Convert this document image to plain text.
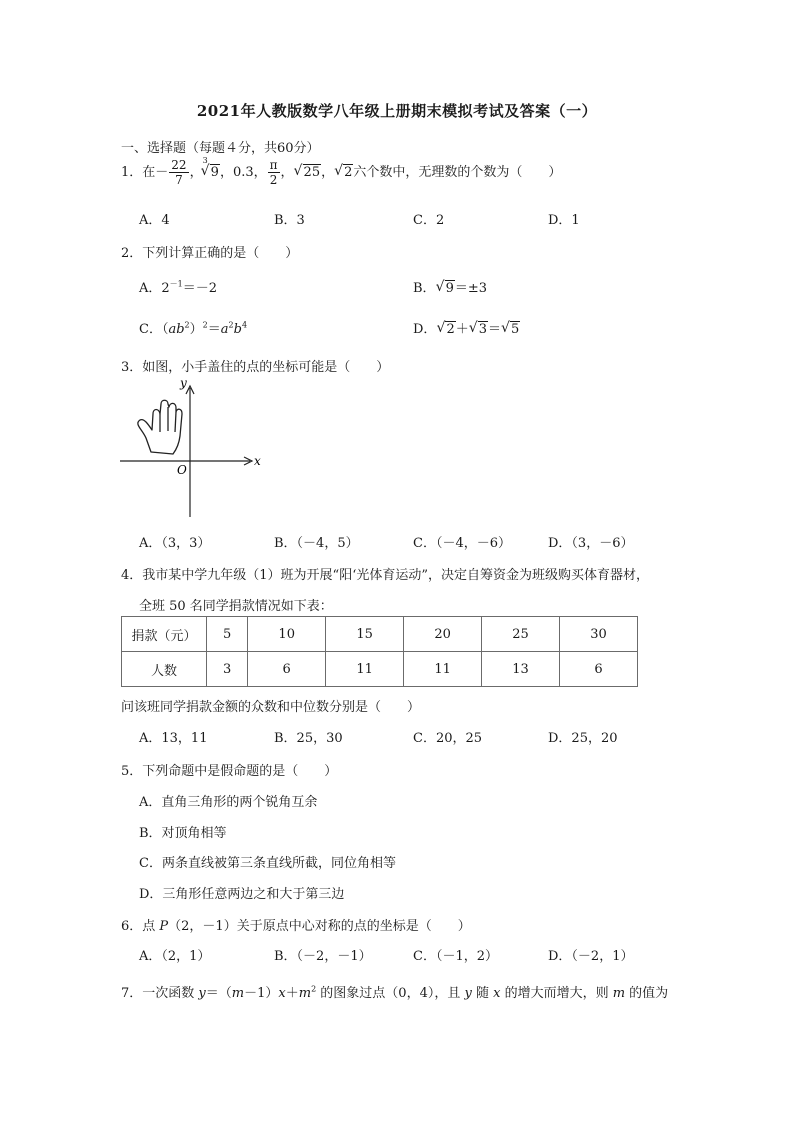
2021年人教版数学八年级上册期末模拟考试及答案（一）
一、选择题（每题４分，共60分）
1．在－ $\frac{22}{7}$ ，$^3$
√ 9，0.3， $\frac{\pi}{2}$ ， √ 25， √ 2六个数中，无理数的个数为（　　）
A．4	B．3	C．2	D．1
2．下列计算正确的是（　　）
A．$2^{-1}=-2$	B． √ 9＝±3
C．$(ab^2)^2=a^2b^4$	D． √ 2＋ √ 3＝ √ 5
3．如图，小手盖住的点的坐标可能是（　　）
y
x
O
A．（3，3）	B．（－4，5）	C．（－4，－6）	D．（3，－6）
4．我市某中学九年级（1）班为开展“阳‘光体育运动”，决定自筹资金为班级购买体育器材，
全班 50 名同学捐款情况如下表：
捐款（元）	5	10	15	20	25	30
人数	3	6	11	11	13	6
问该班同学捐款金额的众数和中位数分别是（　　）
A．13，11	B．25，30	C．20，25	D．25，20
5．下列命题中是假命题的是（　　）
A．直角三角形的两个锐角互余
B．对顶角相等
C．两条直线被第三条直线所截，同位角相等
D．三角形任意两边之和大于第三边
6．点 P（2，－1）关于原点中心对称的点的坐标是（　　）
A．（2，1）	B．（－2，－1）	C．（－1，2）	D．（－2，1）
7．一次函数 $y=(m-1)x+m^2$ 的图象过点（0，4），且 y 随 x 的增大而增大，则 m 的值为
